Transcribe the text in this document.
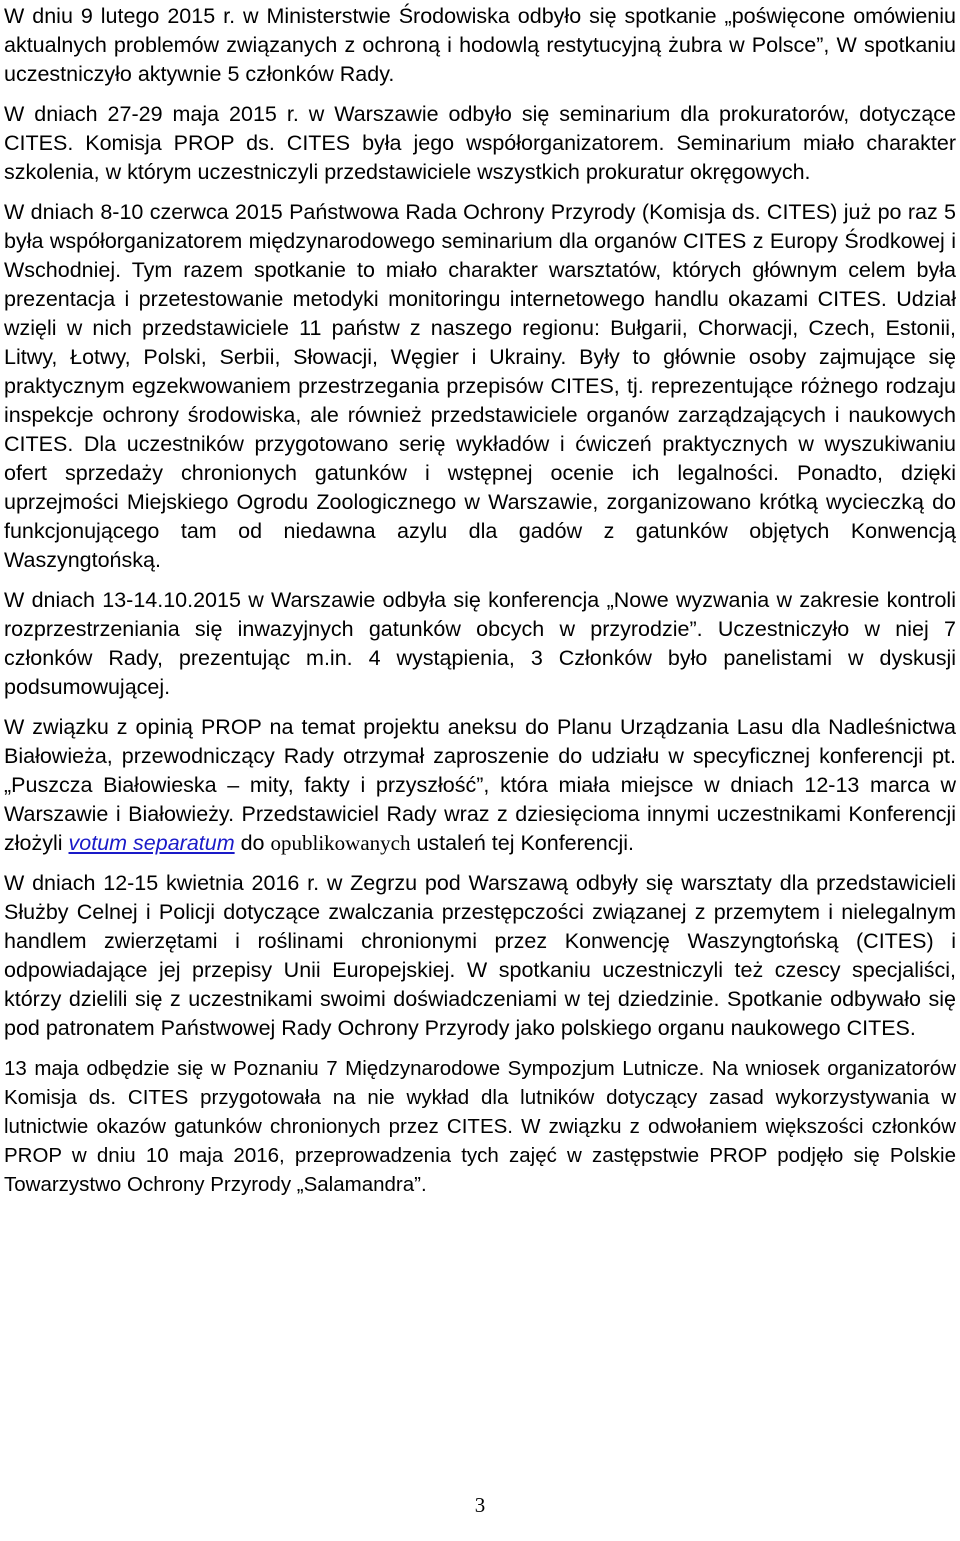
W dniu 9 lutego 2015 r. w Ministerstwie Środowiska odbyło się spotkanie „poświęcone omówieniu aktualnych problemów związanych z ochroną i hodowlą restytucyjną żubra w Polsce”, W spotkaniu uczestniczyło aktywnie 5 członków Rady.

W dniach 27-29 maja 2015 r. w Warszawie odbyło się seminarium dla prokuratorów, dotyczące CITES. Komisja PROP ds. CITES była jego współorganizatorem. Seminarium miało charakter szkolenia, w którym uczestniczyli przedstawiciele wszystkich prokuratur okręgowych.

W dniach 8-10 czerwca 2015 Państwowa Rada Ochrony Przyrody (Komisja ds. CITES) już po raz 5 była współorganizatorem międzynarodowego seminarium dla organów CITES z Europy Środkowej i Wschodniej. Tym razem spotkanie to miało charakter warsztatów, których głównym celem była prezentacja i przetestowanie metodyki monitoringu internetowego handlu okazami CITES. Udział wzięli w nich przedstawiciele 11 państw z naszego regionu: Bułgarii, Chorwacji, Czech, Estonii, Litwy, Łotwy, Polski, Serbii, Słowacji, Węgier i Ukrainy. Były to głównie osoby zajmujące się praktycznym egzekwowaniem przestrzegania przepisów CITES, tj. reprezentujące różnego rodzaju inspekcje ochrony środowiska, ale również przedstawiciele organów zarządzających i naukowych CITES. Dla uczestników przygotowano serię wykładów i ćwiczeń praktycznych w wyszukiwaniu ofert sprzedaży chronionych gatunków i wstępnej ocenie ich legalności. Ponadto, dzięki uprzejmości Miejskiego Ogrodu Zoologicznego w Warszawie, zorganizowano krótką wycieczką do funkcjonującego tam od niedawna azylu dla gadów z gatunków objętych Konwencją Waszyngtońską.

W dniach 13-14.10.2015 w Warszawie odbyła się konferencja „Nowe wyzwania w zakresie kontroli rozprzestrzeniania się inwazyjnych gatunków obcych w przyrodzie”. Uczestniczyło w niej 7 członków Rady, prezentując m.in. 4 wystąpienia, 3 Członków było panelistami w dyskusji podsumowującej.

W związku z opinią PROP na temat projektu aneksu do Planu Urządzania Lasu dla Nadleśnictwa Białowieża, przewodniczący Rady otrzymał zaproszenie do udziału w specyficznej konferencji pt. „Puszcza Białowieska – mity, fakty i przyszłość”, która miała miejsce w dniach 12-13 marca w Warszawie i Białowieży. Przedstawiciel Rady wraz z dziesięcioma innymi uczestnikami Konferencji złożyli votum separatum do opublikowanych ustaleń tej Konferencji.

W dniach 12-15 kwietnia 2016 r. w Zegrzu pod Warszawą odbyły się warsztaty dla przedstawicieli Służby Celnej i Policji dotyczące zwalczania przestępczości związanej z przemytem i nielegalnym handlem zwierzętami i roślinami chronionymi przez Konwencję Waszyngtońską (CITES) i odpowiadające jej przepisy Unii Europejskiej. W spotkaniu uczestniczyli też czescy specjaliści, którzy dzielili się z uczestnikami swoimi doświadczeniami w tej dziedzinie. Spotkanie odbywało się pod patronatem Państwowej Rady Ochrony Przyrody jako polskiego organu naukowego CITES.

13 maja odbędzie się w Poznaniu 7 Międzynarodowe Sympozjum Lutnicze. Na wniosek organizatorów Komisja ds. CITES przygotowała na nie wykład dla lutników dotyczący zasad wykorzystywania w lutnictwie okazów gatunków chronionych przez CITES. W związku z odwołaniem większości członków PROP w dniu 10 maja 2016, przeprowadzenia tych zajęć w zastępstwie PROP podjęło się Polskie Towarzystwo Ochrony Przyrody „Salamandra”.

3
